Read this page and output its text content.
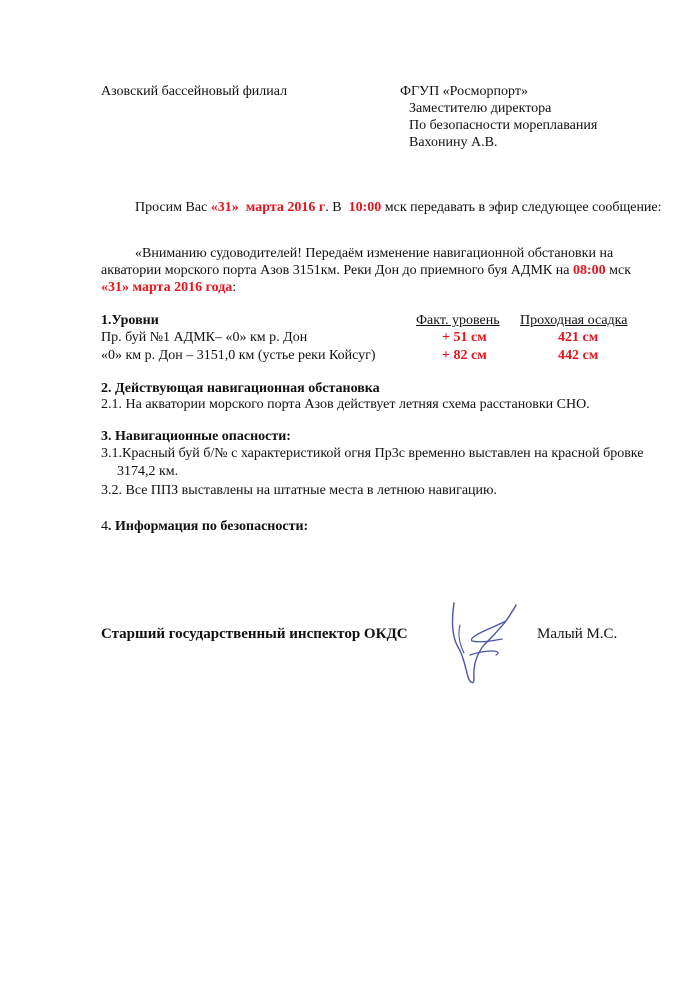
Азовский бассейновый филиал	ФГУП «Росморпорт»
Заместителю директора
По безопасности мореплавания
Вахонину А.В.
Просим Вас «31» марта 2016 г. В  10:00 мск передавать в эфир следующее сообщение:
«Вниманию судоводителей! Передаём изменение навигационной обстановки на
акватории морского порта Азов 3151км. Реки Дон до приемного буя АДМК на 08:00 мск
«31» марта 2016 года:
1.Уровни	Факт. уровень Проходная осадка
Пр. буй №1 АДМК– «0» км р. Дон	+ 51 см	421 см
«0» км р. Дон – 3151,0 км (устье реки Койсуг)	+ 82 см	442 см
2. Действующая навигационная обстановка
2.1. На акватории морского порта Азов действует летняя схема расстановки СНО.
3. Навигационные опасности:
3.1.Красный буй б/№ с характеристикой огня Пр3с временно выставлен на красной бровке
3174,2 км.
3.2. Все ППЗ выставлены на штатные места в летнюю навигацию.
4. Информация по безопасности:
Старший государственный инспектор ОКДС	Малый М.С.
